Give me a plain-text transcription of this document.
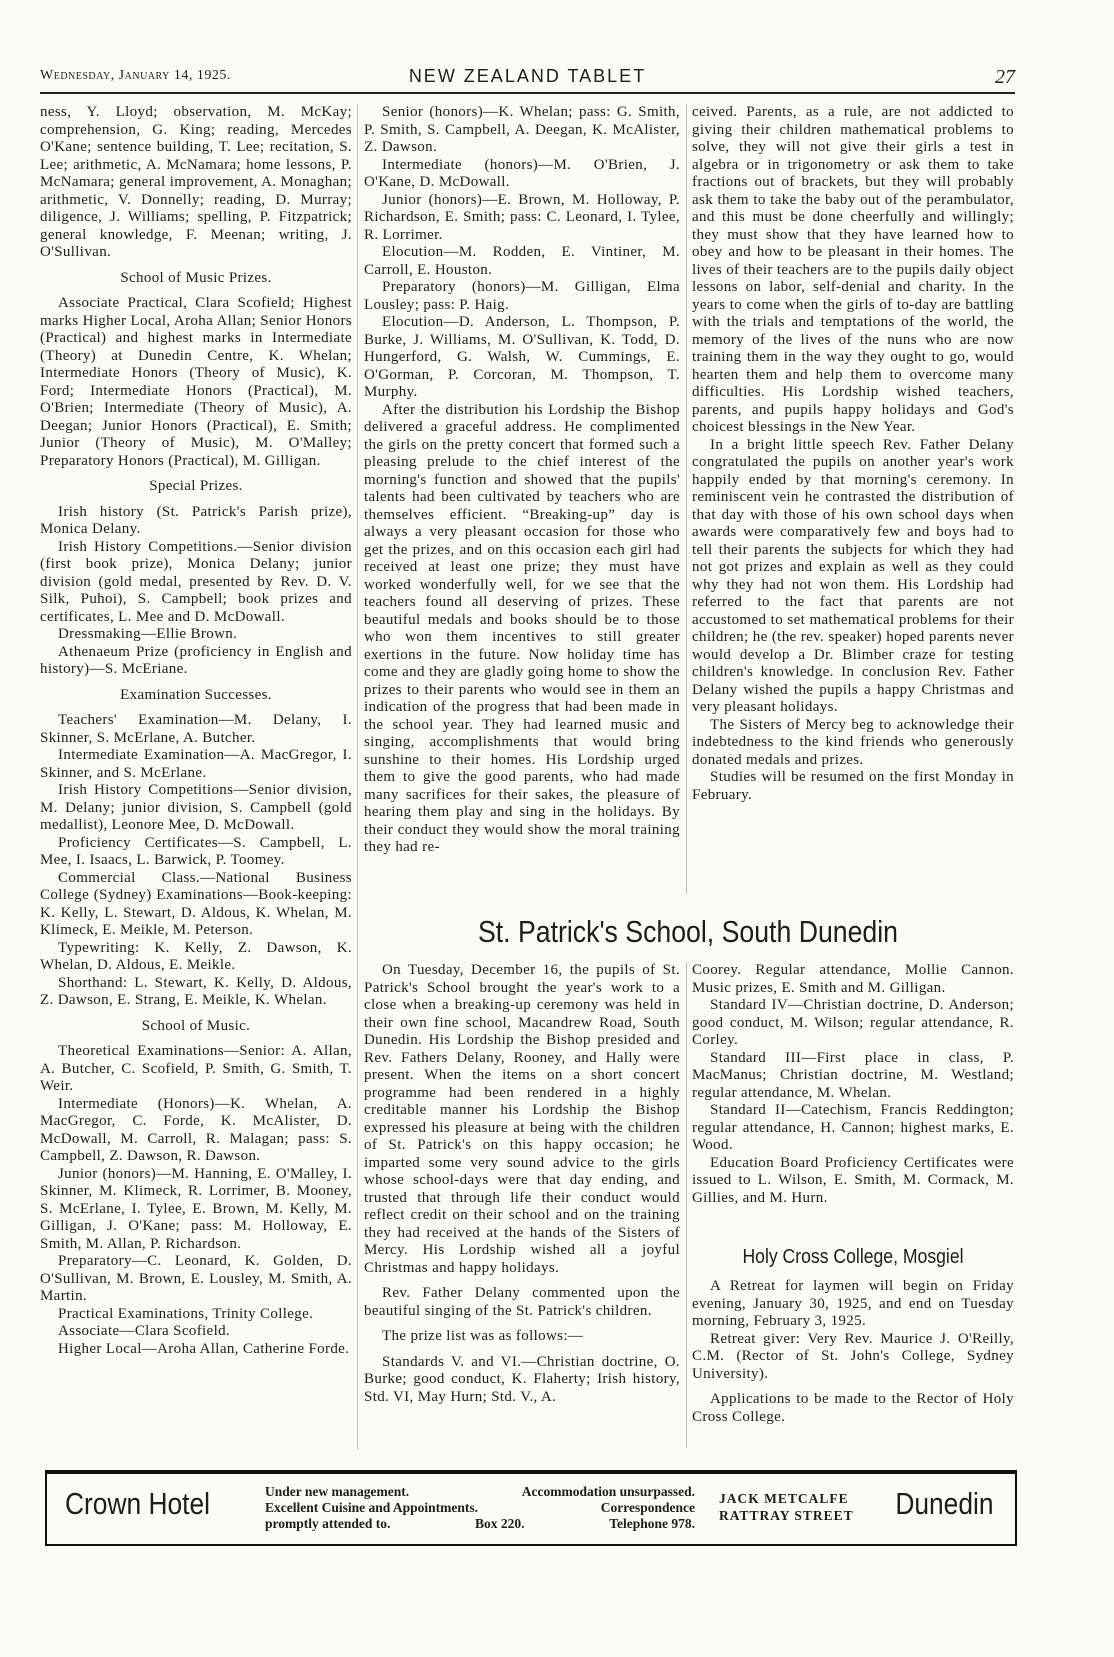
Wednesday, January 14, 1925.	NEW ZEALAND TABLET	27

ness, Y. Lloyd; observation, M. McKay; comprehension, G. King; reading, Mercedes O'Kane; sentence building, T. Lee; recitation, S. Lee; arithmetic, A. McNamara; home lessons, P. McNamara; general improvement, A. Monaghan; arithmetic, V. Donnelly; reading, D. Murray; diligence, J. Williams; spelling, P. Fitzpatrick; general knowledge, F. Meenan; writing, J. O'Sullivan.

School of Music Prizes.

Associate Practical, Clara Scofield; Highest marks Higher Local, Aroha Allan; Senior Honors (Practical) and highest marks in Intermediate (Theory) at Dunedin Centre, K. Whelan; Intermediate Honors (Theory of Music), K. Ford; Intermediate Honors (Practical), M. O'Brien; Intermediate (Theory of Music), A. Deegan; Junior Honors (Practical), E. Smith; Junior (Theory of Music), M. O'Malley; Preparatory Honors (Practical), M. Gilligan.

Special Prizes.

Irish history (St. Patrick's Parish prize), Monica Delany.

Irish History Competitions.—Senior division (first book prize), Monica Delany; junior division (gold medal, presented by Rev. D. V. Silk, Puhoi), S. Campbell; book prizes and certificates, L. Mee and D. McDowall.

Dressmaking—Ellie Brown.

Athenaeum Prize (proficiency in English and history)—S. McEriane.

Examination Successes.

Teachers' Examination—M. Delany, I. Skinner, S. McErlane, A. Butcher.

Intermediate Examination—A. MacGregor, I. Skinner, and S. McErlane.

Irish History Competitions—Senior division, M. Delany; junior division, S. Campbell (gold medallist), Leonore Mee, D. McDowall.

Proficiency Certificates—S. Campbell, L. Mee, I. Isaacs, L. Barwick, P. Toomey.

Commercial Class.—National Business College (Sydney) Examinations—Book-keeping: K. Kelly, L. Stewart, D. Aldous, K. Whelan, M. Klimeck, E. Meikle, M. Peterson.

Typewriting: K. Kelly, Z. Dawson, K. Whelan, D. Aldous, E. Meikle.

Shorthand: L. Stewart, K. Kelly, D. Aldous, Z. Dawson, E. Strang, E. Meikle, K. Whelan.

School of Music.

Theoretical Examinations—Senior: A. Allan, A. Butcher, C. Scofield, P. Smith, G. Smith, T. Weir.

Intermediate (Honors)—K. Whelan, A. MacGregor, C. Forde, K. McAlister, D. McDowall, M. Carroll, R. Malagan; pass: S. Campbell, Z. Dawson, R. Dawson.

Junior (honors)—M. Hanning, E. O'Malley, I. Skinner, M. Klimeck, R. Lorrimer, B. Mooney, S. McErlane, I. Tylee, E. Brown, M. Kelly, M. Gilligan, J. O'Kane; pass: M. Holloway, E. Smith, M. Allan, P. Richardson.

Preparatory—C. Leonard, K. Golden, D. O'Sullivan, M. Brown, E. Lousley, M. Smith, A. Martin.

Practical Examinations, Trinity College.

Associate—Clara Scofield.

Higher Local—Aroha Allan, Catherine Forde.

Senior (honors)—K. Whelan; pass: G. Smith, P. Smith, S. Campbell, A. Deegan, K. McAlister, Z. Dawson.

Intermediate (honors)—M. O'Brien, J. O'Kane, D. McDowall.

Junior (honors)—E. Brown, M. Holloway, P. Richardson, E. Smith; pass: C. Leonard, I. Tylee, R. Lorrimer.

Elocution—M. Rodden, E. Vintiner, M. Carroll, E. Houston.

Preparatory (honors)—M. Gilligan, Elma Lousley; pass: P. Haig.

Elocution—D. Anderson, L. Thompson, P. Burke, J. Williams, M. O'Sullivan, K. Todd, D. Hungerford, G. Walsh, W. Cummings, E. O'Gorman, P. Corcoran, M. Thompson, T. Murphy.

After the distribution his Lordship the Bishop delivered a graceful address. He complimented the girls on the pretty concert that formed such a pleasing prelude to the chief interest of the morning's function and showed that the pupils' talents had been cultivated by teachers who are themselves efficient. “Breaking-up” day is always a very pleasant occasion for those who get the prizes, and on this occasion each girl had received at least one prize; they must have worked wonderfully well, for we see that the teachers found all deserving of prizes. These beautiful medals and books should be to those who won them incentives to still greater exertions in the future. Now holiday time has come and they are gladly going home to show the prizes to their parents who would see in them an indication of the progress that had been made in the school year. They had learned music and singing, accomplishments that would bring sunshine to their homes. His Lordship urged them to give the good parents, who had made many sacrifices for their sakes, the pleasure of hearing them play and sing in the holidays. By their conduct they would show the moral training they had re-

ceived. Parents, as a rule, are not addicted to giving their children mathematical problems to solve, they will not give their girls a test in algebra or in trigonometry or ask them to take fractions out of brackets, but they will probably ask them to take the baby out of the perambulator, and this must be done cheerfully and willingly; they must show that they have learned how to obey and how to be pleasant in their homes. The lives of their teachers are to the pupils daily object lessons on labor, self-denial and charity. In the years to come when the girls of to-day are battling with the trials and temptations of the world, the memory of the lives of the nuns who are now training them in the way they ought to go, would hearten them and help them to overcome many difficulties. His Lordship wished teachers, parents, and pupils happy holidays and God's choicest blessings in the New Year.

In a bright little speech Rev. Father Delany congratulated the pupils on another year's work happily ended by that morning's ceremony. In reminiscent vein he contrasted the distribution of that day with those of his own school days when awards were comparatively few and boys had to tell their parents the subjects for which they had not got prizes and explain as well as they could why they had not won them. His Lordship had referred to the fact that parents are not accustomed to set mathematical problems for their children; he (the rev. speaker) hoped parents never would develop a Dr. Blimber craze for testing children's knowledge. In conclusion Rev. Father Delany wished the pupils a happy Christmas and very pleasant holidays.

The Sisters of Mercy beg to acknowledge their indebtedness to the kind friends who generously donated medals and prizes.

Studies will be resumed on the first Monday in February.

St. Patrick's School, South Dunedin

On Tuesday, December 16, the pupils of St. Patrick's School brought the year's work to a close when a breaking-up ceremony was held in their own fine school, Macandrew Road, South Dunedin. His Lordship the Bishop presided and Rev. Fathers Delany, Rooney, and Hally were present. When the items on a short concert programme had been rendered in a highly creditable manner his Lordship the Bishop expressed his pleasure at being with the children of St. Patrick's on this happy occasion; he imparted some very sound advice to the girls whose school-days were that day ending, and trusted that through life their conduct would reflect credit on their school and on the training they had received at the hands of the Sisters of Mercy. His Lordship wished all a joyful Christmas and happy holidays.

Rev. Father Delany commented upon the beautiful singing of the St. Patrick's children.

The prize list was as follows:—

Standards V. and VI.—Christian doctrine, O. Burke; good conduct, K. Flaherty; Irish history, Std. VI, May Hurn; Std. V., A.

Coorey. Regular attendance, Mollie Cannon. Music prizes, E. Smith and M. Gilligan.

Standard IV—Christian doctrine, D. Anderson; good conduct, M. Wilson; regular attendance, R. Corley.

Standard III—First place in class, P. MacManus; Christian doctrine, M. Westland; regular attendance, M. Whelan.

Standard II—Catechism, Francis Reddington; regular attendance, H. Cannon; highest marks, E. Wood.

Education Board Proficiency Certificates were issued to L. Wilson, E. Smith, M. Cormack, M. Gillies, and M. Hurn.

Holy Cross College, Mosgiel

A Retreat for laymen will begin on Friday evening, January 30, 1925, and end on Tuesday morning, February 3, 1925.

Retreat giver: Very Rev. Maurice J. O'Reilly, C.M. (Rector of St. John's College, Sydney University).

Applications to be made to the Rector of Holy Cross College.

Crown Hotel	Under new management.	Accommodation unsurpassed.
Excellent Cuisine and Appointments.	Correspondence
promptly attended to.	Box 220.	Telephone 978.
JACK METCALFE
RATTRAY STREET Dunedin
